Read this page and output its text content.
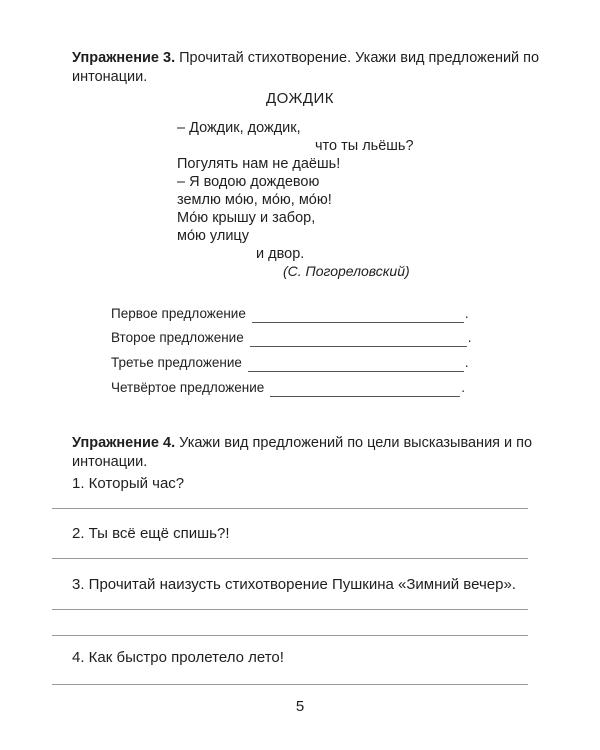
Упражнение 3. Прочитай стихотворение. Укажи вид предложений по интонации.
ДОЖДИК
– Дождик, дождик,
что ты льёшь?
Погулять нам не даёшь!
– Я водою дождевою
землю мо́ю, мо́ю, мо́ю!
Мо́ю крышу и забор,
мо́ю улицу
и двор.
(С. Погореловский)
Первое предложение	.
Второе предложение	.
Третье предложение	.
Четвёртое предложение	.
Упражнение 4. Укажи вид предложений по цели высказывания и по интонации.
1. Который час?
2. Ты всё ещё спишь?!
3. Прочитай наизусть стихотворение Пушкина «Зимний вечер».
4. Как быстро пролетело лето!
5
